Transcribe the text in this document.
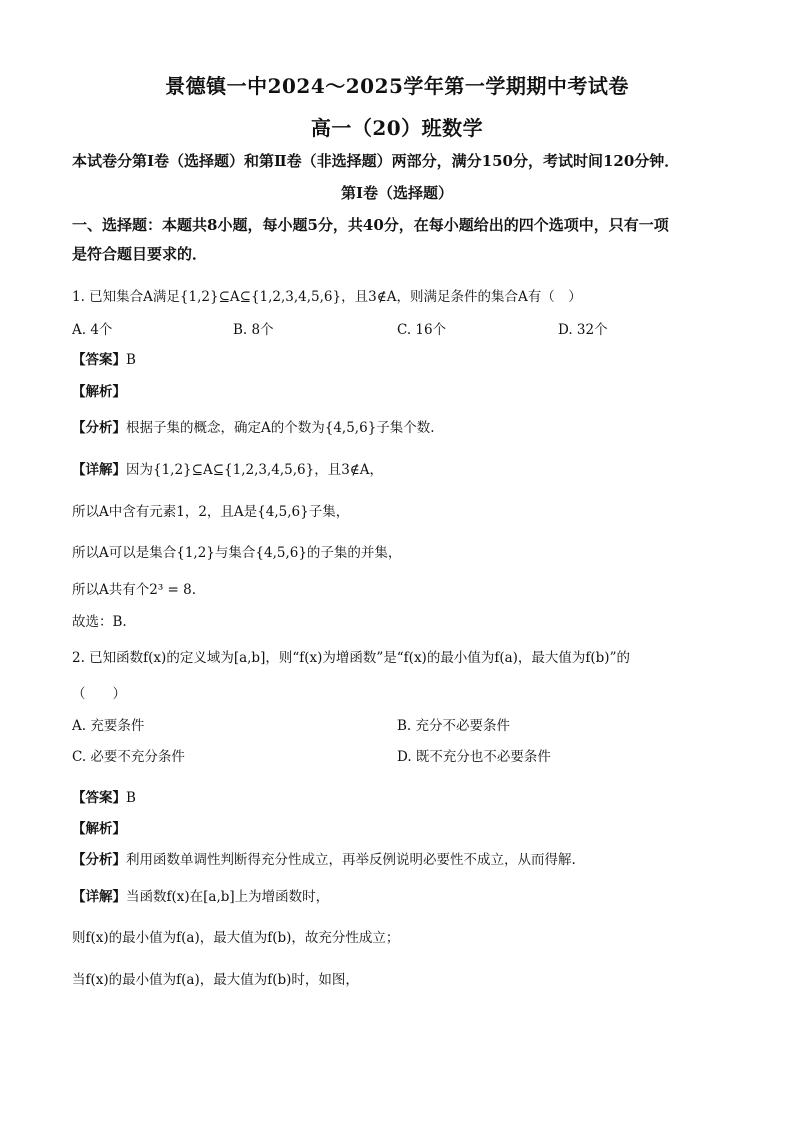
景德镇一中2024～2025学年第一学期期中考试卷
高一（20）班数学
本试卷分第Ⅰ卷（选择题）和第Ⅱ卷（非选择题）两部分，满分150分，考试时间120分钟．
第Ⅰ卷（选择题）
一、选择题：本题共8小题，每小题5分，共40分，在每小题给出的四个选项中，只有一项
是符合题目要求的．
1. 已知集合A满足{1,2}⊆A⊆{1,2,3,4,5,6}，且3∉A，则满足条件的集合A有（　）
A. 4个	B. 8个	C. 16个	D. 32个
【答案】B
【解析】
【分析】根据子集的概念，确定A的个数为{4,5,6}子集个数.
【详解】因为{1,2}⊆A⊆{1,2,3,4,5,6}，且3∉A，
所以A中含有元素1，2，且A是{4,5,6}子集，
所以A可以是集合{1,2}与集合{4,5,6}的子集的并集，
所以A共有个2³ = 8.
故选：B.
2. 已知函数f(x)的定义域为[a,b]，则“f(x)为增函数”是“f(x)的最小值为f(a)，最大值为f(b)”的
（　　）
A. 充要条件	B. 充分不必要条件
C. 必要不充分条件	D. 既不充分也不必要条件
【答案】B
【解析】
【分析】利用函数单调性判断得充分性成立，再举反例说明必要性不成立，从而得解.
【详解】当函数f(x)在[a,b]上为增函数时，
则f(x)的最小值为f(a)，最大值为f(b)，故充分性成立；
当f(x)的最小值为f(a)，最大值为f(b)时，如图，
